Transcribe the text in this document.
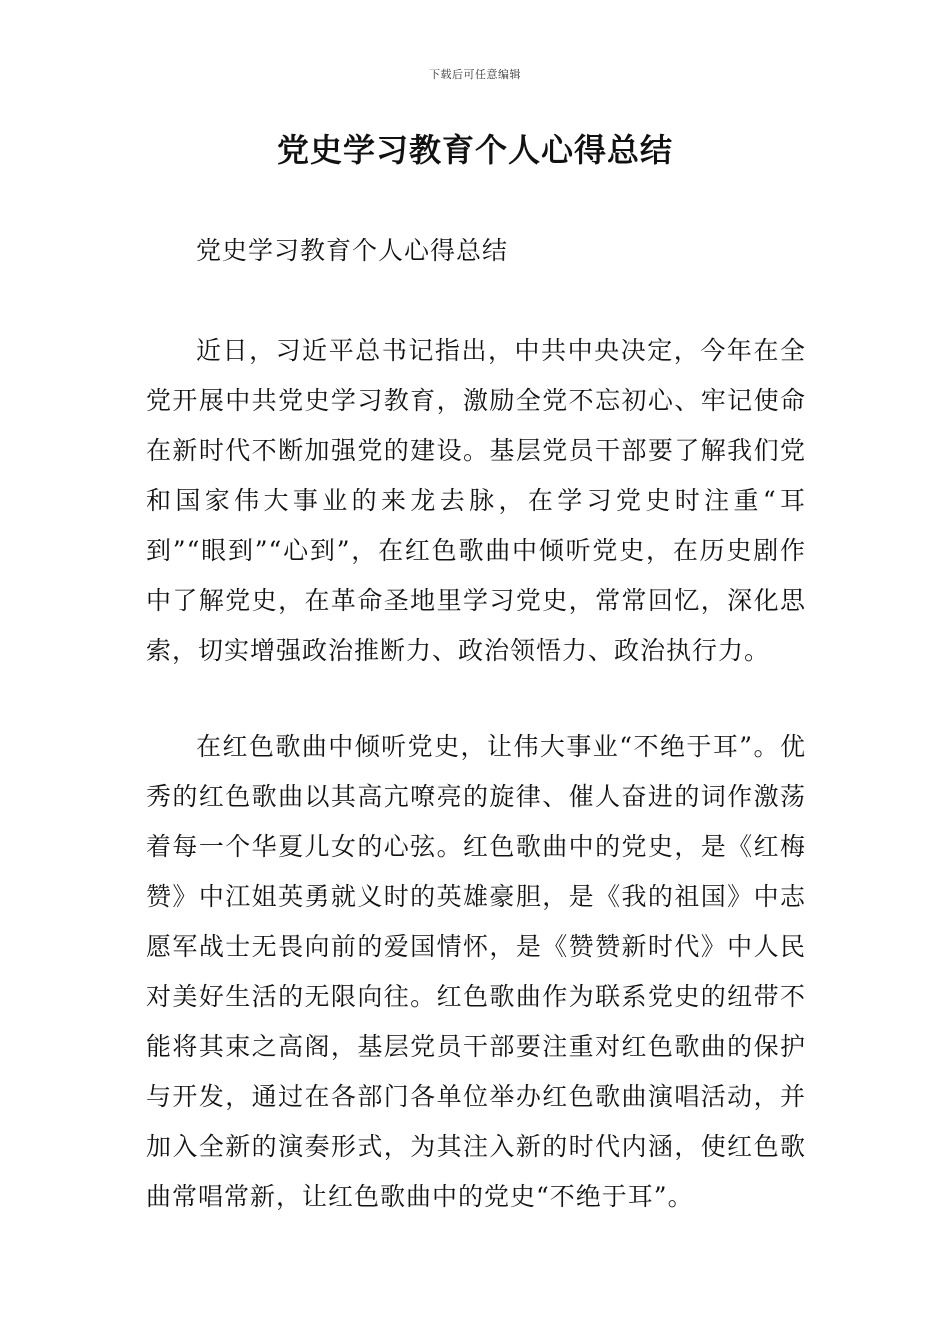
下载后可任意编辑
党史学习教育个人心得总结

党史学习教育个人心得总结

近日，习近平总书记指出，中共中央决定，今年在全党开展中共党史学习教育，激励全党不忘初心、牢记使命在新时代不断加强党的建设。基层党员干部要了解我们党和国家伟大事业的来龙去脉，在学习党史时注重“耳到”“眼到”“心到”，在红色歌曲中倾听党史，在历史剧作中了解党史，在革命圣地里学习党史，常常回忆，深化思索，切实增强政治推断力、政治领悟力、政治执行力。

在红色歌曲中倾听党史，让伟大事业“不绝于耳”。优秀的红色歌曲以其高亢嘹亮的旋律、催人奋进的词作激荡着每一个华夏儿女的心弦。红色歌曲中的党史，是《红梅赞》中江姐英勇就义时的英雄豪胆，是《我的祖国》中志愿军战士无畏向前的爱国情怀，是《赞赞新时代》中人民对美好生活的无限向往。红色歌曲作为联系党史的纽带不能将其束之高阁，基层党员干部要注重对红色歌曲的保护与开发，通过在各部门各单位举办红色歌曲演唱活动，并加入全新的演奏形式，为其注入新的时代内涵，使红色歌曲常唱常新，让红色歌曲中的党史“不绝于耳”。
